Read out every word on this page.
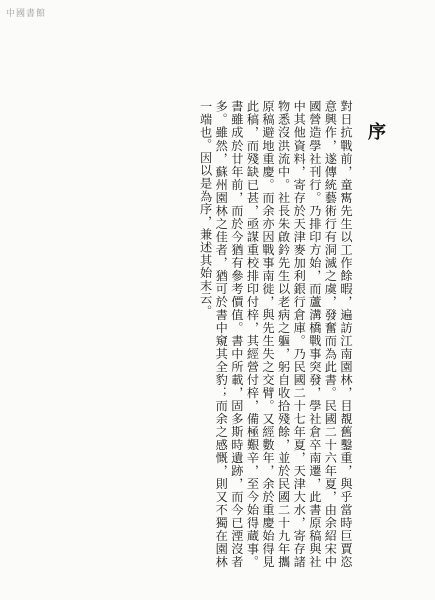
中國書館
序

對日抗戰前，童寯先生以工作餘暇，遍訪江南園林，目覩舊鑿重，與乎當時巨賈恣意興作，遂傳統藝術行有洞滅之虞，發奮而為此書。民國二十六年夏，由余紹宋中國營造學社刊行。乃排印方始，而蘆溝橋戰事突發，學社倉卒南遷，此書原稿與社中其他資料，寄存於天津麥加利銀行倉庫。乃民國二十七年夏，天津大水，寄存諸物悉沒洪流中。社長朱啟鈐先生以老病之軀，躬自收拾殘餘，並於民國二十九年攜原稿避地重慶。而余亦因戰事南徙，與先生失之交臂。又經數年，余於重慶始得見此稿，而殘缺已甚，亟謀重校排印付梓，其經營付梓，備極艱辛，至今始得蔵事。書雖成於廿年前，而於今猶有參考價值。書中所載，固多斯時遺跡，而今已湮沒者多。雖然，蘇州園林之佳者，猶可於書中窺其全豹；而余之感慨，則又不獨在園林一端也。因以是為序，兼述其始末云。
